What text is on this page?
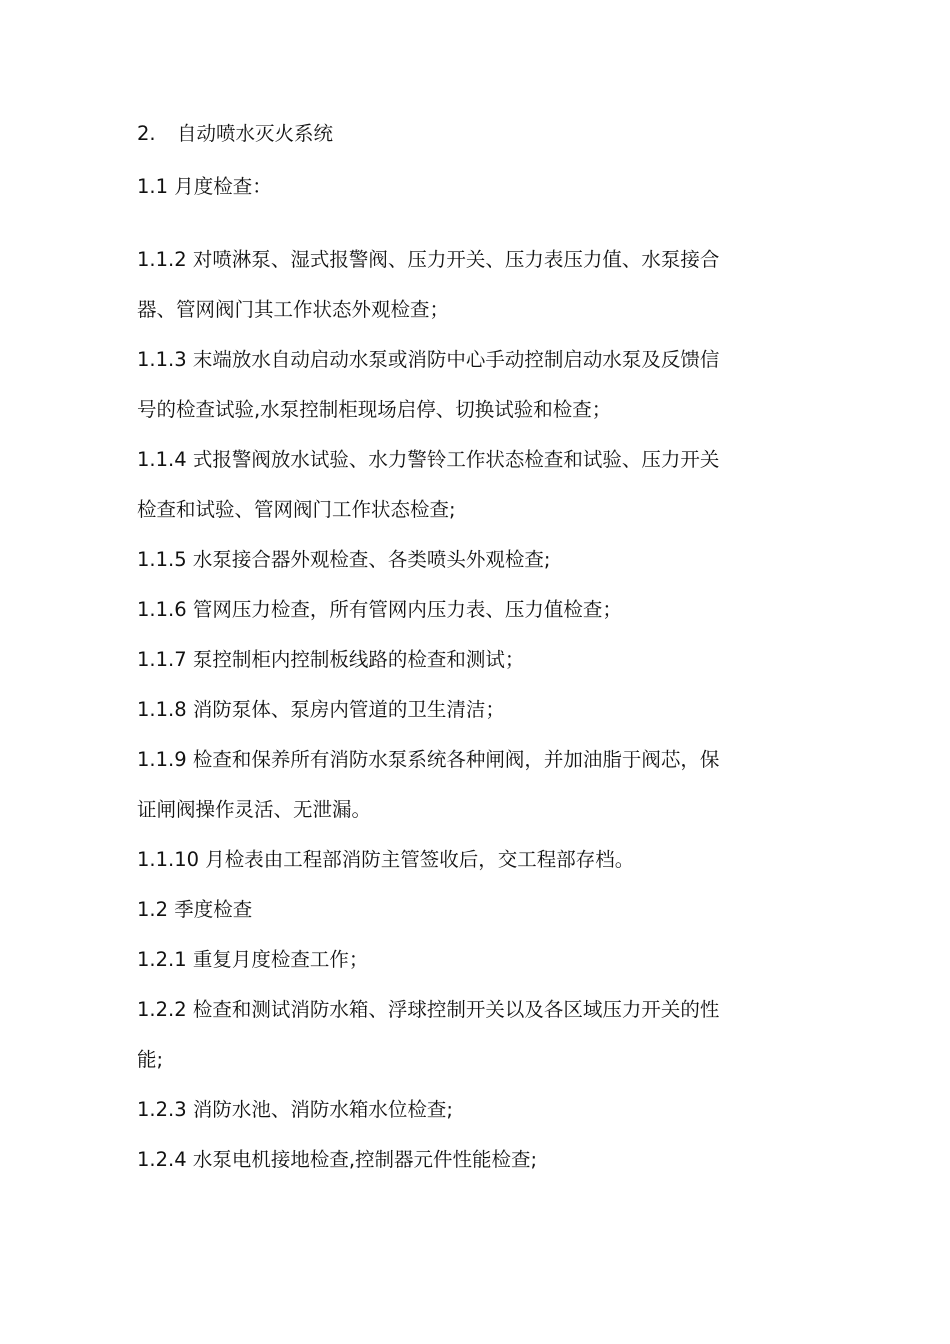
2. 自动喷水灭火系统
1.1 月度检查：
1.1.2 对喷淋泵、湿式报警阀、压力开关、压力表压力值、水泵接合
器、管网阀门其工作状态外观检查；
1.1.3 末端放水自动启动水泵或消防中心手动控制启动水泵及反馈信
号的检查试验,水泵控制柜现场启停、切换试验和检查；
1.1.4 式报警阀放水试验、水力警铃工作状态检查和试验、压力开关
检查和试验、管网阀门工作状态检查;
1.1.5 水泵接合器外观检查、各类喷头外观检查;
1.1.6 管网压力检查，所有管网内压力表、压力值检查；
1.1.7 泵控制柜内控制板线路的检查和测试；
1.1.8 消防泵体、泵房内管道的卫生清洁；
1.1.9 检查和保养所有消防水泵系统各种闸阀，并加油脂于阀芯，保
证闸阀操作灵活、无泄漏。
1.1.10 月检表由工程部消防主管签收后，交工程部存档。
1.2 季度检查
1.2.1 重复月度检查工作；
1.2.2 检查和测试消防水箱、浮球控制开关以及各区域压力开关的性
能;
1.2.3 消防水池、消防水箱水位检查;
1.2.4 水泵电机接地检查,控制器元件性能检查;
